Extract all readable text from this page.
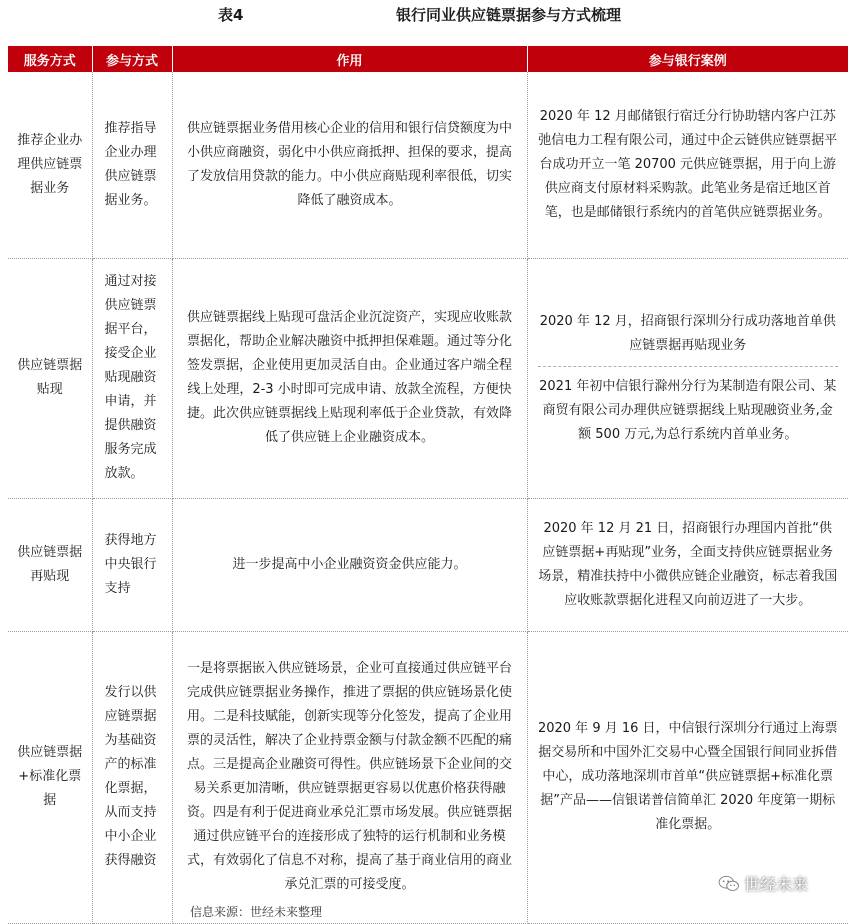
表4	银行同业供应链票据参与方式梳理
服务方式	参与方式	作用	参与银行案例
推荐企业办理供应链票据业务	推荐指导企业办理供应链票据业务。	供应链票据业务借用核心企业的信用和银行信贷额度为中小供应商融资，弱化中小供应商抵押、担保的要求，提高了发放信用贷款的能力。中小供应商贴现利率很低，切实降低了融资成本。	2020 年 12 月邮储银行宿迁分行协助辖内客户江苏弛信电力工程有限公司，通过中企云链供应链票据平台成功开立一笔 20700 元供应链票据，用于向上游供应商支付原材料采购款。此笔业务是宿迁地区首笔，也是邮储银行系统内的首笔供应链票据业务。

供应链票据贴现	通过对接供应链票据平台，接受企业贴现融资申请，并提供融资服务完成放款。	供应链票据线上贴现可盘活企业沉淀资产，实现应收账款票据化，帮助企业解决融资中抵押担保难题。通过等分化签发票据，企业使用更加灵活自由。企业通过客户端全程线上处理，2-3 小时即可完成申请、放款全流程，方便快捷。此次供应链票据线上贴现利率低于企业贷款，有效降低了供应链上企业融资成本。	2020 年 12 月，招商银行深圳分行成功落地首单供应链票据再贴现业务
2021 年初中信银行滁州分行为某制造有限公司、某商贸有限公司办理供应链票据线上贴现融资业务,金额 500 万元,为总行系统内首单业务。

供应链票据再贴现	获得地方中央银行支持	进一步提高中小企业融资资金供应能力。	2020 年 12 月 21 日，招商银行办理国内首批“供应链票据+再贴现”业务，全面支持供应链票据业务场景，精准扶持中小微供应链企业融资，标志着我国应收账款票据化进程又向前迈进了一大步。

供应链票据+标准化票据	发行以供应链票据为基础资产的标准化票据，从而支持中小企业获得融资	一是将票据嵌入供应链场景，企业可直接通过供应链平台完成供应链票据业务操作，推进了票据的供应链场景化使用。二是科技赋能，创新实现等分化签发，提高了企业用票的灵活性，解决了企业持票金额与付款金额不匹配的痛点。三是提高企业融资可得性。供应链场景下企业间的交易关系更加清晰，供应链票据更容易以优惠价格获得融资。四是有利于促进商业承兑汇票市场发展。供应链票据通过供应链平台的连接形成了独特的运行机制和业务模式，有效弱化了信息不对称，提高了基于商业信用的商业承兑汇票的可接受度。	2020 年 9 月 16 日，中信银行深圳分行通过上海票据交易所和中国外汇交易中心暨全国银行间同业拆借中心，成功落地深圳市首单“供应链票据+标准化票据”产品——信银诺普信简单汇 2020 年度第一期标准化票据。
世经未来
信息来源：世经未来整理
